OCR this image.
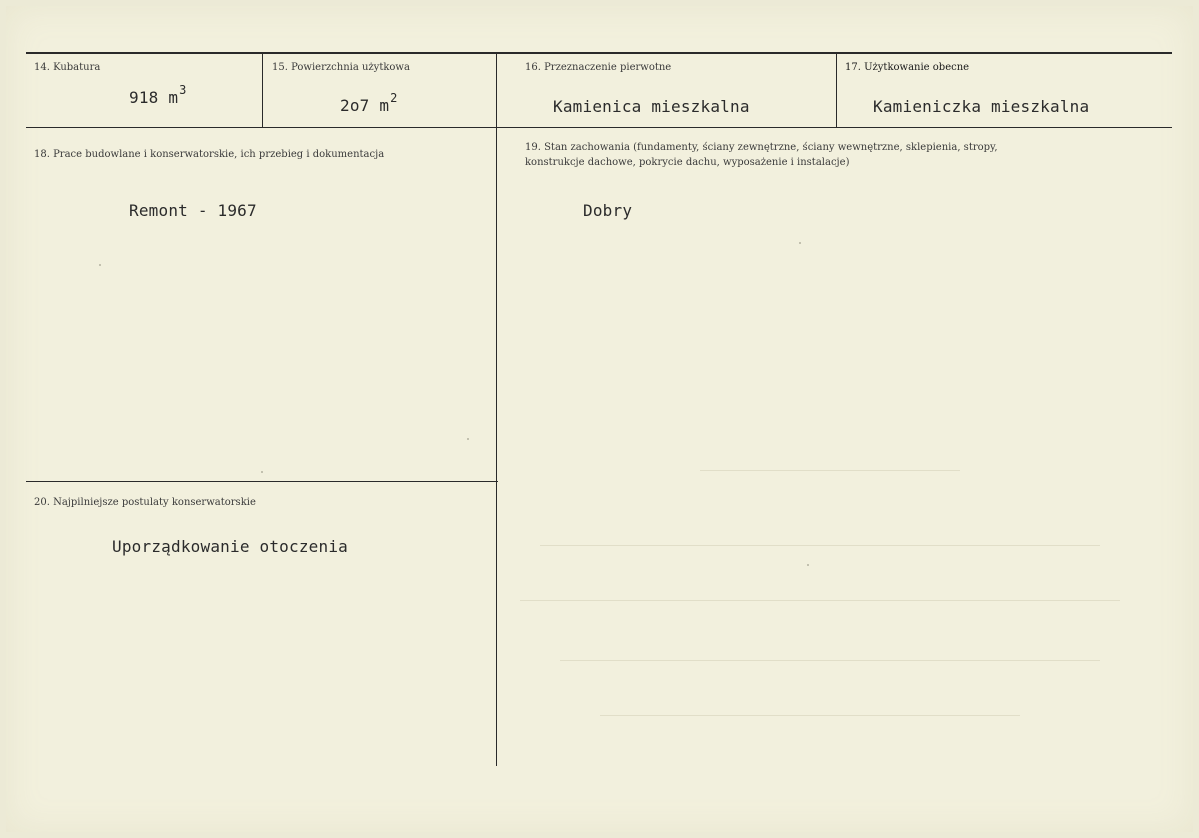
14. Kubatura
918 $m^3$
15. Powierzchnia użytkowa
2o7 $m^2$
16. Przeznaczenie pierwotne
Kamienica mieszkalna
17. Użytkowanie obecne
Kamieniczka mieszkalna
18. Prace budowlane i konserwatorskie, ich przebieg i dokumentacja
Remont - 1967
19. Stan zachowania (fundamenty, ściany zewnętrzne, ściany wewnętrzne, sklepienia, stropy,
konstrukcje dachowe, pokrycie dachu, wyposażenie i instalacje)
Dobry
20. Najpilniejsze postulaty konserwatorskie
Uporządkowanie otoczenia
